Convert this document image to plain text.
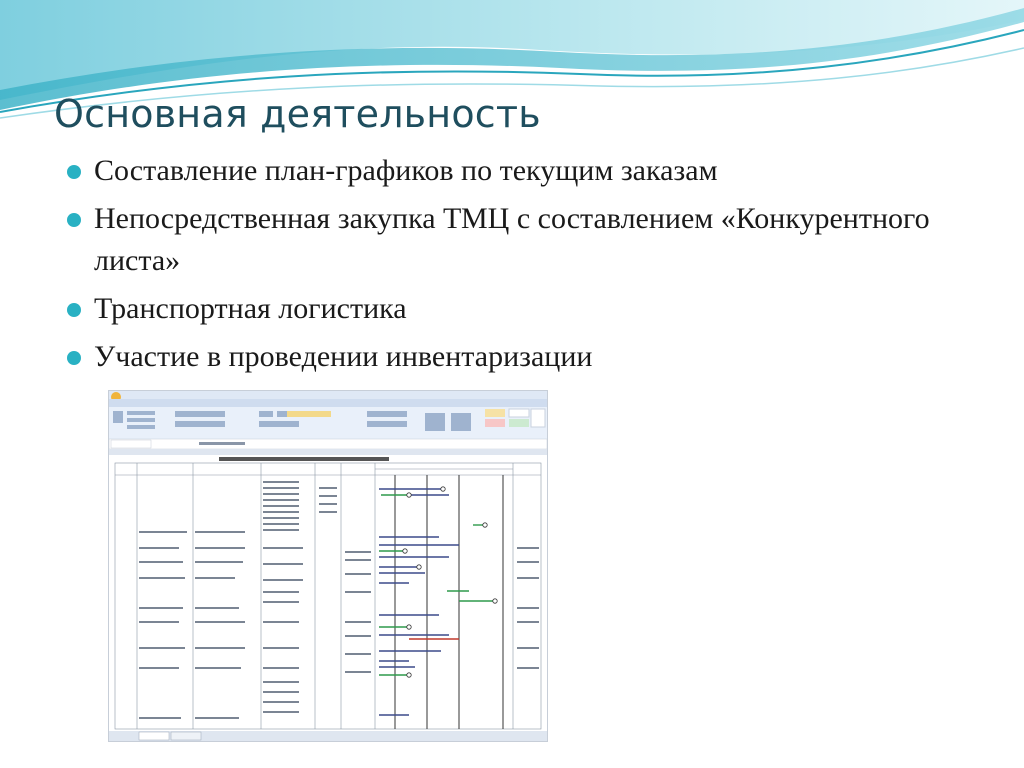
Основная деятельность
Составление план-графиков по текущим заказам
Непосредственная закупка ТМЦ с составлением «Конкурентного листа»
Транспортная логистика
Участие в проведении инвентаризации
